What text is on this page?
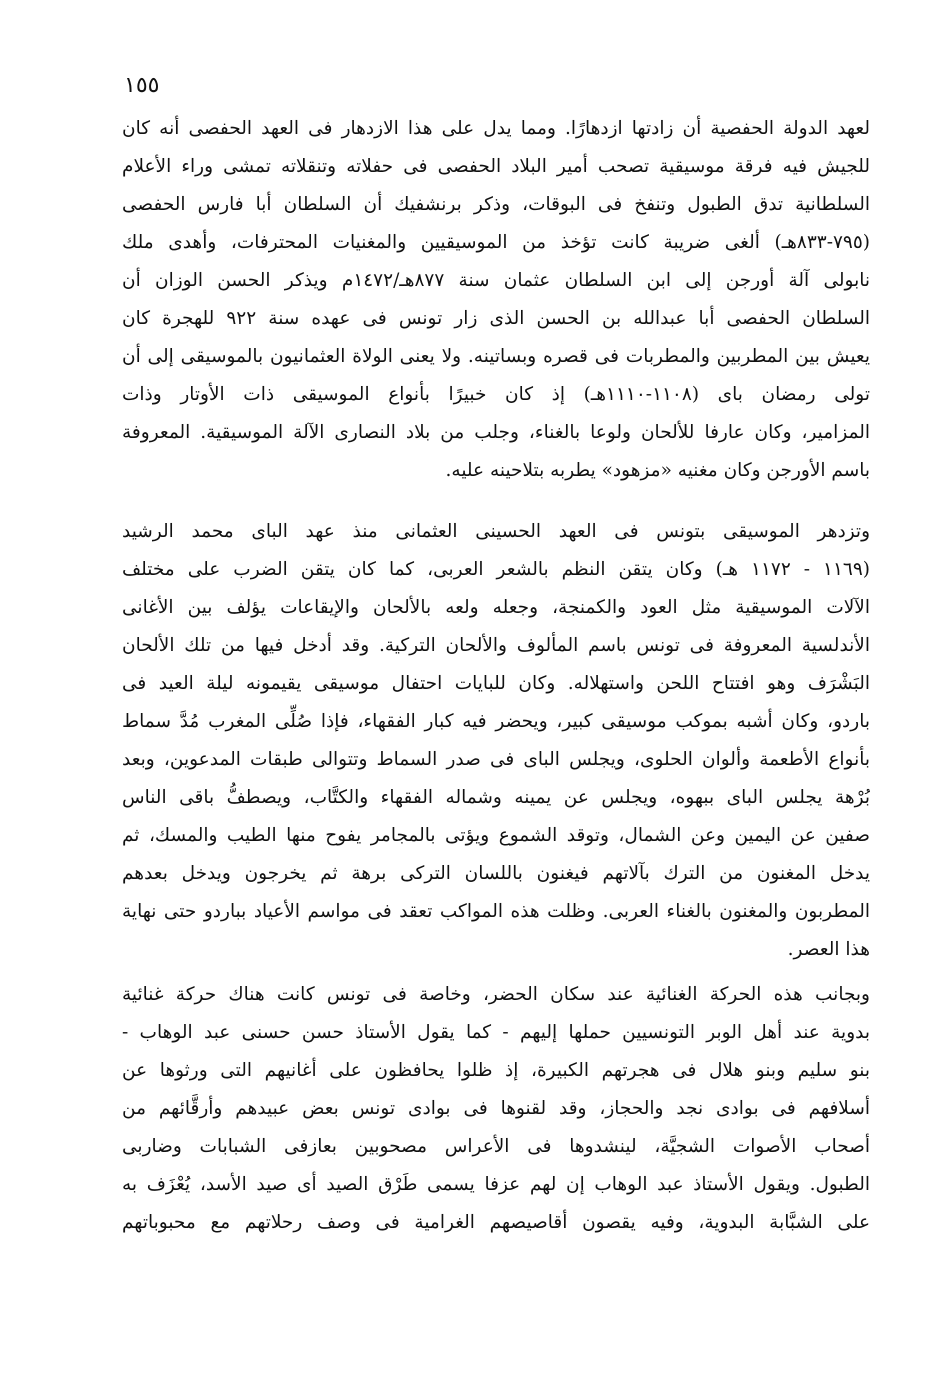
١٥٥
لعهد الدولة الحفصية أن زادتها ازدهارًا. ومما يدل على هذا الازدهار فى العهد الحفصى أنه كان
للجيش فيه فرقة موسيقية تصحب أمير البلاد الحفصى فى حفلاته وتنقلاته تمشى وراء الأعلام
السلطانية تدق الطبول وتنفخ فى البوقات، وذكر برنشفيك أن السلطان أبا فارس الحفصى
(٧٩٥-٨٣٣هـ) ألغى ضريبة كانت تؤخذ من الموسيقيين والمغنيات المحترفات، وأهدى ملك
نابولى آلة أورجن إلى ابن السلطان عثمان سنة ٨٧٧هـ/١٤٧٢م ويذكر الحسن الوزان أن
السلطان الحفصى أبا عبدالله بن الحسن الذى زار تونس فى عهده سنة ٩٢٢ للهجرة كان
يعيش بين المطربين والمطربات فى قصره وبساتينه. ولا يعنى الولاة العثمانيون بالموسيقى إلى أن
تولى رمضان باى (١١٠٨-١١١٠هـ) إذ كان خبيرًا بأنواع الموسيقى ذات الأوتار وذات
المزامير، وكان عارفا للألحان ولوعا بالغناء، وجلب من بلاد النصارى الآلة الموسيقية. المعروفة
باسم الأورجن وكان مغنيه «مزهود» يطربه بتلاحينه عليه.
وتزدهر الموسيقى بتونس فى العهد الحسينى العثمانى منذ عهد الباى محمد الرشيد
(١١٦٩ - ١١٧٢ هـ) وكان يتقن النظم بالشعر العربى، كما كان يتقن الضرب على مختلف
الآلات الموسيقية مثل العود والكمنجة، وجعله ولعه بالألحان والإيقاعات يؤلف بين الأغانى
الأندلسية المعروفة فى تونس باسم المألوف والألحان التركية. وقد أدخل فيها من تلك الألحان
البَشْرَف وهو افتتاح اللحن واستهلاله. وكان للبايات احتفال موسيقى يقيمونه ليلة العيد فى
باردو، وكان أشبه بموكب موسيقى كبير، ويحضر فيه كبار الفقهاء، فإذا صُلِّى المغرب مُدَّ سماط
بأنواع الأطعمة وألوان الحلوى، ويجلس الباى فى صدر السماط وتتوالى طبقات المدعوين، وبعد
بُرْهة يجلس الباى ببهوه، ويجلس عن يمينه وشماله الفقهاء والكتَّاب، ويصطفُّ باقى الناس
صفين عن اليمين وعن الشمال، وتوقد الشموع ويؤتى بالمجامر يفوح منها الطيب والمسك، ثم
يدخل المغنون من الترك بآلاتهم فيغنون باللسان التركى برهة ثم يخرجون ويدخل بعدهم
المطربون والمغنون بالغناء العربى. وظلت هذه المواكب تعقد فى مواسم الأعياد بباردو حتى نهاية
هذا العصر.
وبجانب هذه الحركة الغنائية عند سكان الحضر، وخاصة فى تونس كانت هناك حركة غنائية
بدوية عند أهل الوبر التونسيين حملها إليهم - كما يقول الأستاذ حسن حسنى عبد الوهاب -
بنو سليم وبنو هلال فى هجرتهم الكبيرة، إذ ظلوا يحافظون على أغانيهم التى ورثوها عن
أسلافهم فى بوادى نجد والحجاز، وقد لقنوها فى بوادى تونس بعض عبيدهم وأرقَّائهم من
أصحاب الأصوات الشجيَّة، لينشدوها فى الأعراس مصحوبين بعازفى الشبابات وضاربى
الطبول. ويقول الأستاذ عبد الوهاب إن لهم عزفا يسمى طَرْق الصيد أى صيد الأسد، يُعْزَف به
على الشبَّابة البدوية، وفيه يقصون أقاصيصهم الغرامية فى وصف رحلاتهم مع محبوباتهم
